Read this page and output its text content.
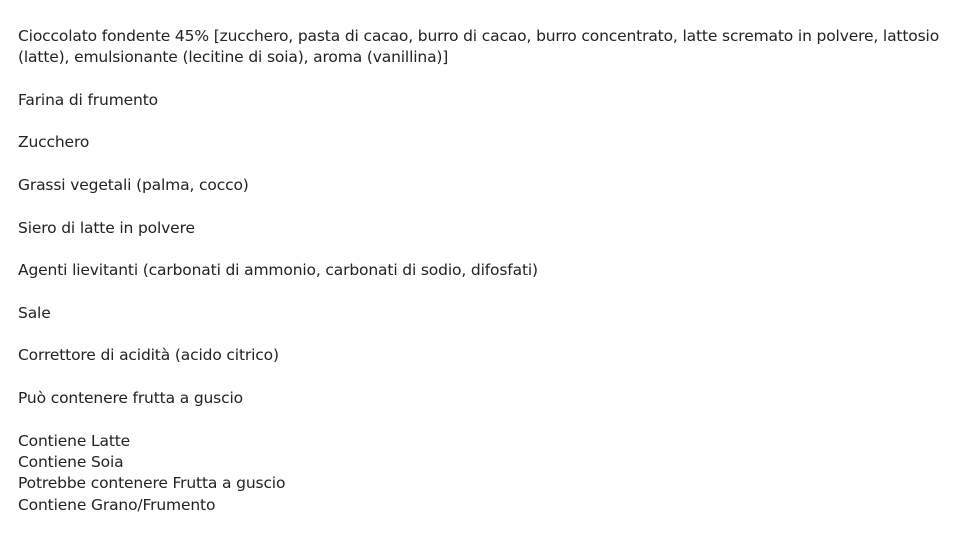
Cioccolato fondente 45% [zucchero, pasta di cacao, burro di cacao, burro concentrato, latte scremato in polvere, lattosio (latte), emulsionante (lecitine di soia), aroma (vanillina)]
Farina di frumento
Zucchero
Grassi vegetali (palma, cocco)
Siero di latte in polvere
Agenti lievitanti (carbonati di ammonio, carbonati di sodio, difosfati)
Sale
Correttore di acidità (acido citrico)
Può contenere frutta a guscio
Contiene Latte
Contiene Soia
Potrebbe contenere Frutta a guscio
Contiene Grano/Frumento
